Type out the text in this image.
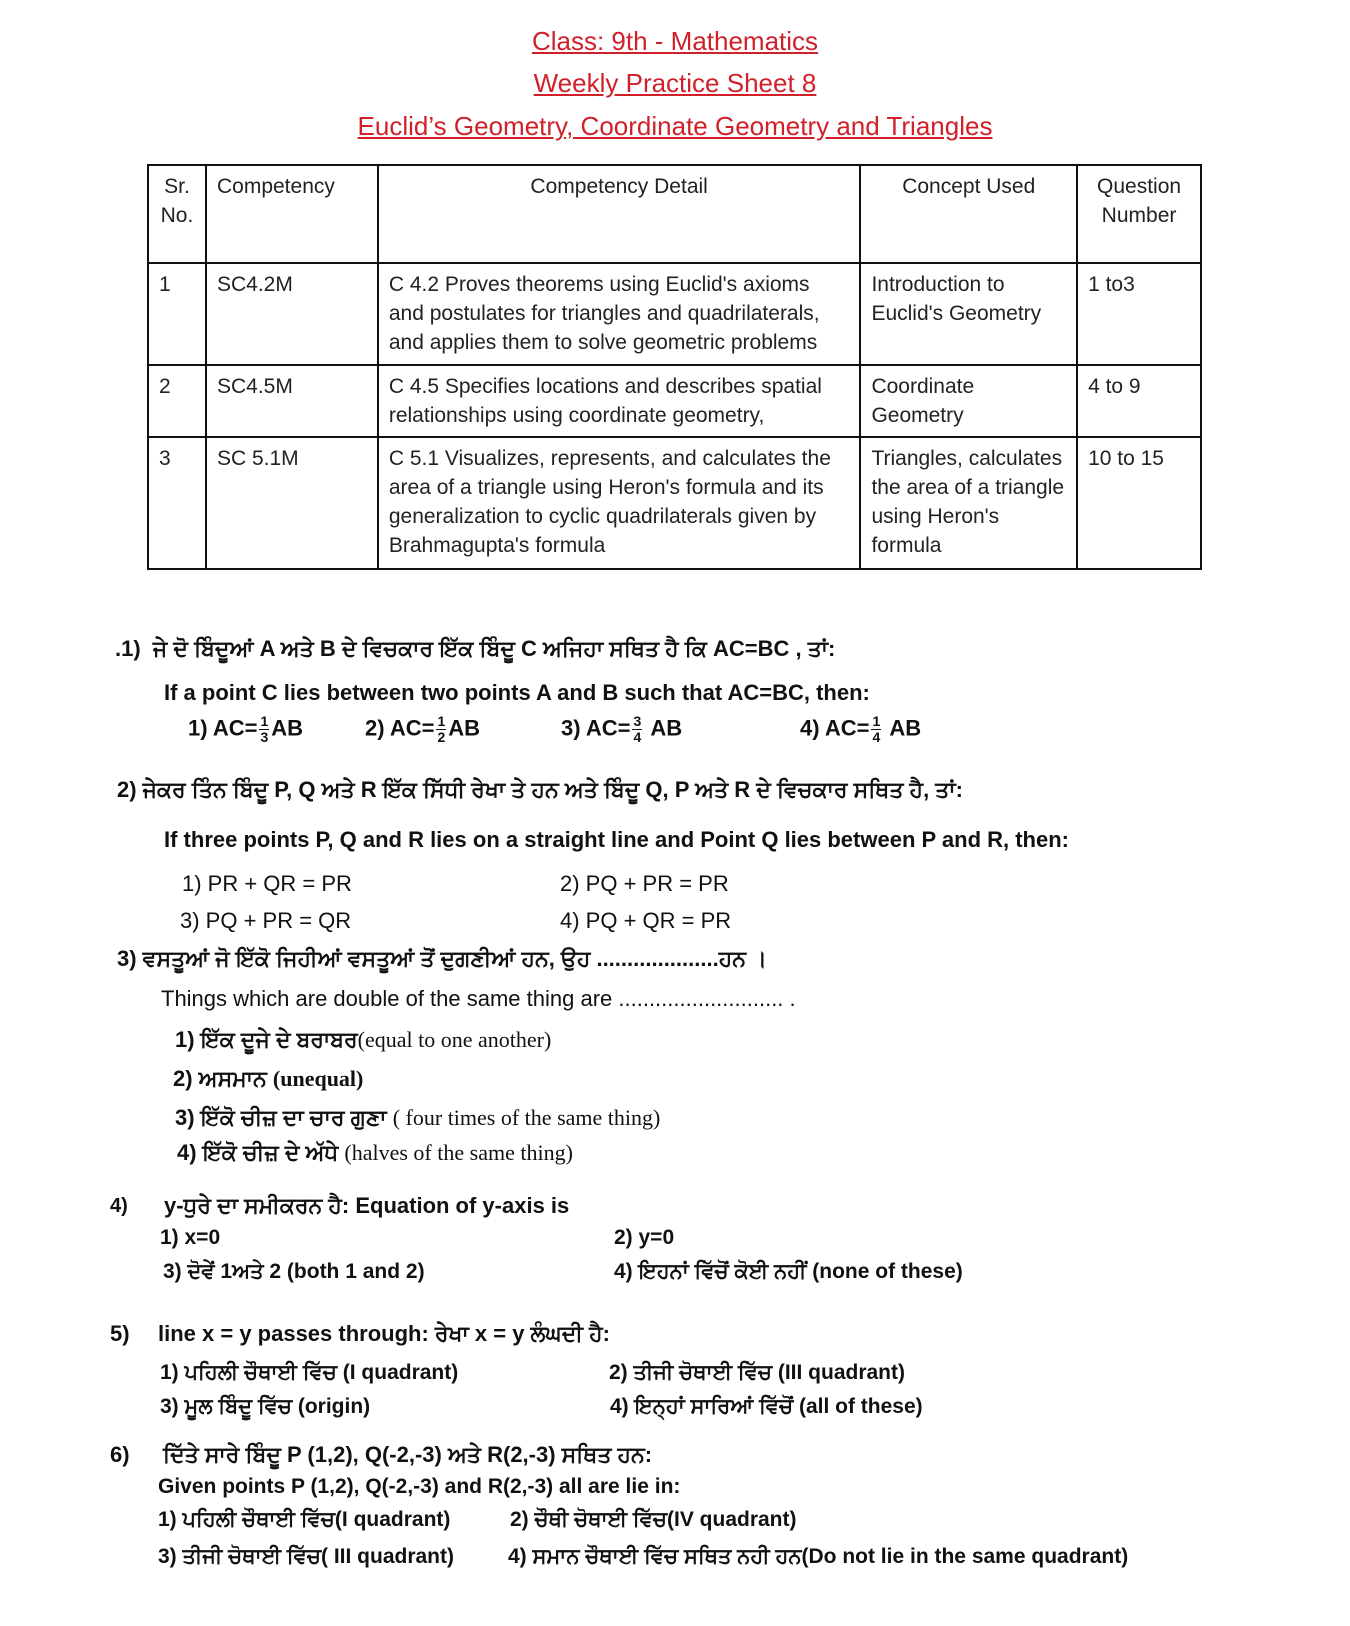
Class: 9th - Mathematics
Weekly Practice Sheet 8
Euclid’s Geometry, Coordinate Geometry and Triangles
Sr. No.	Competency	Competency Detail	Concept Used	Question Number
1	SC4.2M	C 4.2 Proves theorems using Euclid's axioms and postulates for triangles and quadrilaterals, and applies them to solve geometric problems	Introduction to Euclid's Geometry	1 to3
2	SC4.5M	C 4.5 Specifies locations and describes spatial relationships using coordinate geometry,	Coordinate Geometry	4 to 9
3	SC 5.1M	C 5.1 Visualizes, represents, and calculates the area of a triangle using Heron's formula and its generalization to cyclic quadrilaterals given by Brahmagupta's formula	Triangles, calculates the area of a triangle using Heron's formula	10 to 15
.1) ਜੇ ਦੋ ਬਿੰਦੂਆਂ A ਅਤੇ B ਦੇ ਵਿਚਕਾਰ ਇੱਕ ਬਿੰਦੂ C ਅਜਿਹਾ ਸਥਿਤ ਹੈ ਕਿ AC=BC , ਤਾਂ:
If a point C lies between two points A and B such that AC=BC, then:
1) $AC= \frac{1}{3}$ AB	2) $AC= \frac{1}{2}$ AB	3) $AC= \frac{3}{4}$ AB	4) $AC= \frac{1}{4}$ AB
2) ਜੇਕਰ ਤਿੰਨ ਬਿੰਦੂ P, Q ਅਤੇ R ਇੱਕ ਸਿੱਧੀ ਰੇਖਾ ਤੇ ਹਨ ਅਤੇ ਬਿੰਦੂ Q, P ਅਤੇ R ਦੇ ਵਿਚਕਾਰ ਸਥਿਤ ਹੈ, ਤਾਂ:
If three points P, Q and R lies on a straight line and Point Q lies between P and R, then:
1) PR + QR = PR	2) PQ + PR = PR
3) PQ + PR = QR	4) PQ + QR = PR
3) ਵਸਤੂਆਂ ਜੋ ਇੱਕੋ ਜਿਹੀਆਂ ਵਸਤੂਆਂ ਤੋਂ ਦੁਗਣੀਆਂ ਹਨ, ਉਹ ....................ਹਨ ।
Things which are double of the same thing are ........................... .
1) ਇੱਕ ਦੂਜੇ ਦੇ ਬਰਾਬਰ(equal to one another)
2) ਅਸਮਾਨ (unequal)
3) ਇੱਕੋ ਚੀਜ਼ ਦਾ ਚਾਰ ਗੁਣਾ ( four times of the same thing)
4) ਇੱਕੋ ਚੀਜ਼ ਦੇ ਅੱਧੇ (halves of the same thing)
4) y-ਧੁਰੇ ਦਾ ਸਮੀਕਰਨ ਹੈ: Equation of y-axis is
1) x=0	2) y=0
3) ਦੋਵੇਂ 1ਅਤੇ 2 (both 1 and 2)	4) ਇਹਨਾਂ ਵਿੱਚੋਂ ਕੋਈ ਨਹੀਂ (none of these)
5) line x = y passes through: ਰੇਖਾ x = y ਲੰਘਦੀ ਹੈ:
1) ਪਹਿਲੀ ਚੌਥਾਈ ਵਿੱਚ (I quadrant)	2) ਤੀਜੀ ਚੋਥਾਈ ਵਿੱਚ (III quadrant)
3) ਮੂਲ ਬਿੰਦੂ ਵਿੱਚ (origin)	4) ਇਨ੍ਹਾਂ ਸਾਰਿਆਂ ਵਿੱਚੋਂ (all of these)
6) ਦਿੱਤੇ ਸਾਰੇ ਬਿੰਦੂ P (1,2), Q(-2,-3) ਅਤੇ R(2,-3) ਸਥਿਤ ਹਨ:
Given points P (1,2), Q(-2,-3) and R(2,-3) all are lie in:
1) ਪਹਿਲੀ ਚੌਥਾਈ ਵਿੱਚ(I quadrant)	2) ਚੌਥੀ ਚੋਥਾਈ ਵਿੱਚ(IV quadrant)
3) ਤੀਜੀ ਚੋਥਾਈ ਵਿੱਚ( III quadrant)	4) ਸਮਾਨ ਚੌਥਾਈ ਵਿੱਚ ਸਥਿਤ ਨਹੀ ਹਨ(Do not lie in the same quadrant)
